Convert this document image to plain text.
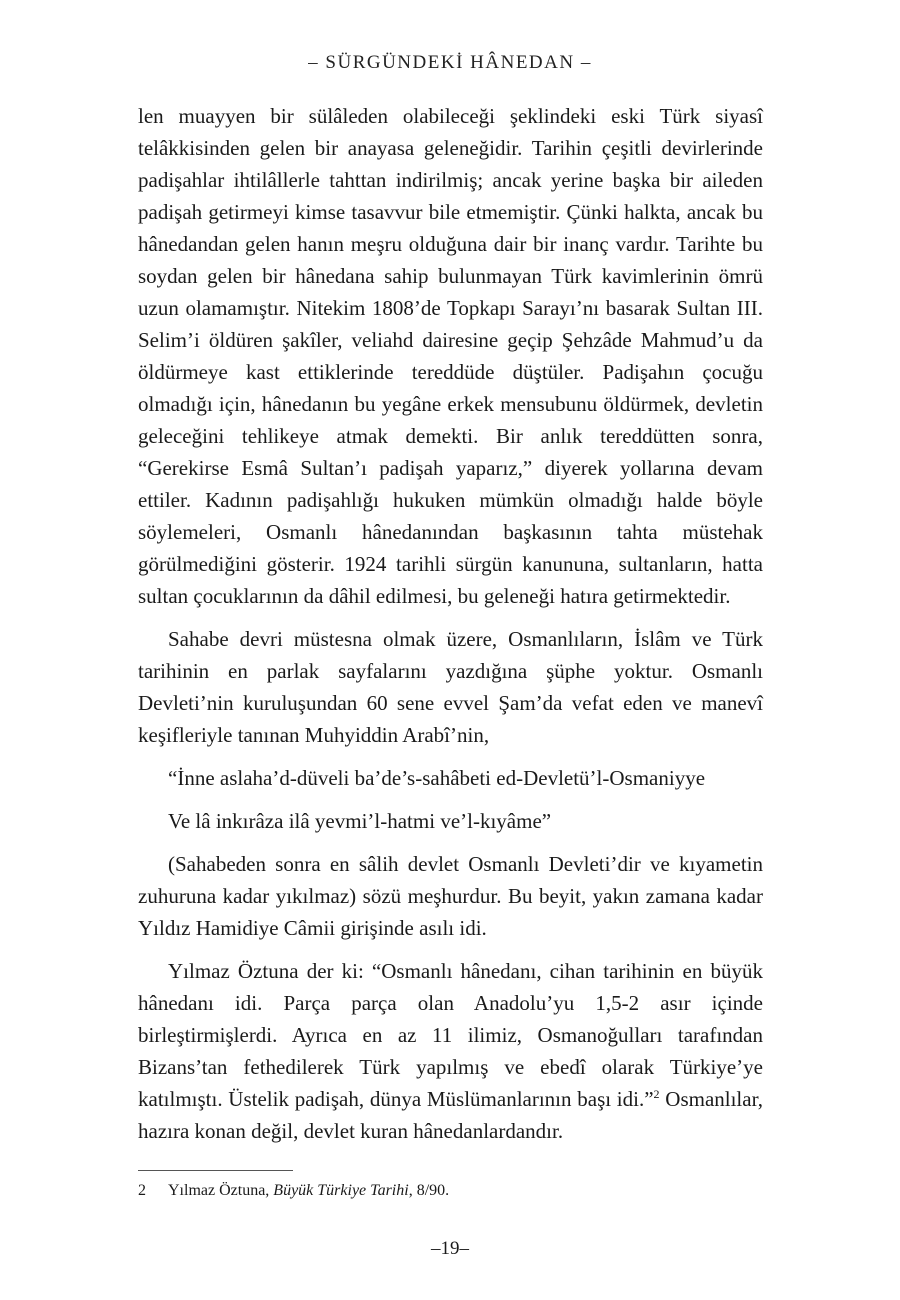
– SÜRGÜNDEKİ HÂNEDAN –

len muayyen bir sülâleden olabileceği şeklindeki eski Türk siyasî telâkkisinden gelen bir anayasa geleneğidir. Tarihin çeşitli devirlerinde padişahlar ihtilâllerle tahttan indirilmiş; ancak yerine başka bir aileden padişah getirmeyi kimse tasavvur bile etmemiştir. Çünki halkta, ancak bu hânedandan gelen hanın meşru olduğuna dair bir inanç vardır. Tarihte bu soydan gelen bir hânedana sahip bulunmayan Türk kavimlerinin ömrü uzun olamamıştır. Nitekim 1808’de Topkapı Sarayı’nı basarak Sultan III. Selim’i öldüren şakîler, veliahd dairesine geçip Şehzâde Mahmud’u da öldürmeye kast ettiklerinde tereddüde düştüler. Padişahın çocuğu olmadığı için, hânedanın bu yegâne erkek mensubunu öldürmek, devletin geleceğini tehlikeye atmak demekti. Bir anlık tereddütten sonra, “Gerekirse Esmâ Sultan’ı padişah yaparız,” diyerek yollarına devam ettiler. Kadının padişahlığı hukuken mümkün olmadığı halde böyle söylemeleri, Osmanlı hânedanından başkasının tahta müstehak görülmediğini gösterir. 1924 tarihli sürgün kanununa, sultanların, hatta sultan çocuklarının da dâhil edilmesi, bu geleneği hatıra getirmektedir.

Sahabe devri müstesna olmak üzere, Osmanlıların, İslâm ve Türk tarihinin en parlak sayfalarını yazdığına şüphe yoktur. Osmanlı Devleti’nin kuruluşundan 60 sene evvel Şam’da vefat eden ve manevî keşifleriyle tanınan Muhyiddin Arabî’nin,

“İnne aslaha’d-düveli ba’de’s-sahâbeti ed-Devletü’l-Osmaniyye

Ve lâ inkırâza ilâ yevmi’l-hatmi ve’l-kıyâme”

(Sahabeden sonra en sâlih devlet Osmanlı Devleti’dir ve kıyametin zuhuruna kadar yıkılmaz) sözü meşhurdur. Bu beyit, yakın zamana kadar Yıldız Hamidiye Câmii girişinde asılı idi.

Yılmaz Öztuna der ki: “Osmanlı hânedanı, cihan tarihinin en büyük hânedanı idi. Parça parça olan Anadolu’yu 1,5-2 asır içinde birleştirmişlerdi. Ayrıca en az 11 ilimiz, Osmanoğulları tarafından Bizans’tan fethedilerek Türk yapılmış ve ebedî olarak Türkiye’ye katılmıştı. Üstelik padişah, dünya Müslümanlarının başı idi.”$^2$ Osmanlılar, hazıra konan değil, devlet kuran hânedanlardandır.

2 Yılmaz Öztuna, Büyük Türkiye Tarihi, 8/90.
–19–
